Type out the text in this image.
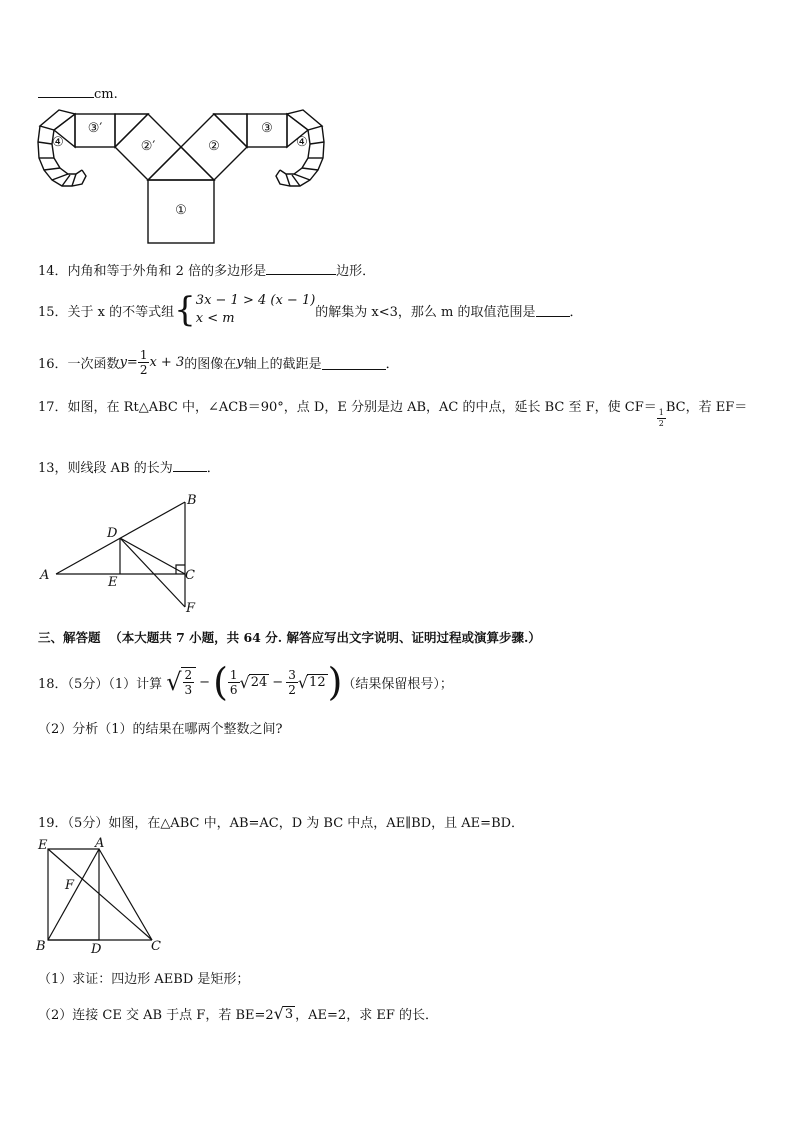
cm.
①
②
②′
③
③′
④	④
14．内角和等于外角和 2 倍的多边形是	边形．
15． 关于 x 的不等式组 { 3x − 1 > 4 (x − 1)
x < m	的解集为 x<3，那么 m 的取值范围是	．
16． 一次函数 $y = \frac{1}{2}$ x + 3 的图像在 y 轴上的截距是	．
17． 如图，在 Rt△ABC 中，∠ACB＝90°，点 D，E 分别是边 AB，AC 的中点，延长 BC 至 F，使 CF＝
$\frac{1}{2}$
BC，若 EF＝
13，则线段 AB 的长为	．
A
B
C
D
E
F
三、解答题 （本大题共 7 小题，共 64 分. 解答应写出文字说明、证明过程或演算步骤.）
18．（5分）（1）计算
√ $\frac{2}{3}$ − ( $\frac{1}{6}$ √ $24 - \frac{3}{2}$ √ 12 ) （结果保留根号）；
（2）分析（1）的结果在哪两个整数之间?
19．（5分）如图，在△ABC 中，AB=AC，D 为 BC 中点，AE∥BD，且 AE=BD．
E	A
F
B	D	C
（1）求证：四边形 AEBD 是矩形；
（2）连接 CE 交 AB 于点 F，若 BE=2 √ 3 ，AE=2，求 EF 的长．
